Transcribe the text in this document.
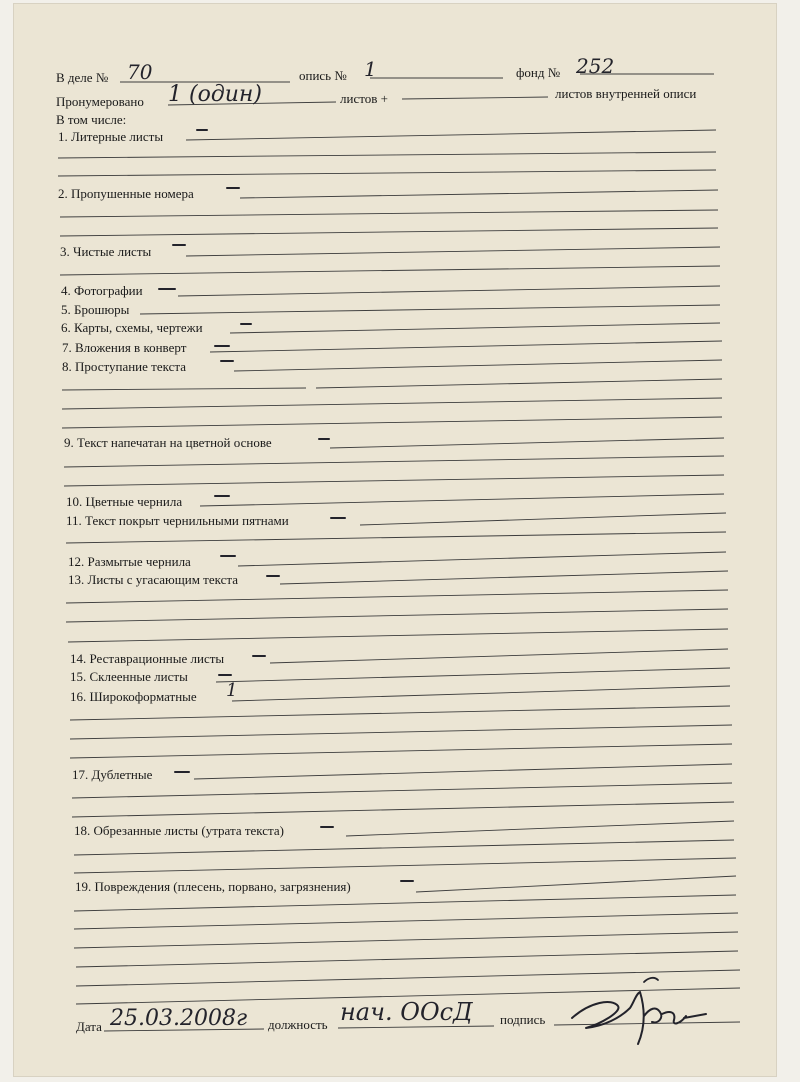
В деле № 70	опись № 1	фонд № 252
Пронумеровано 1 (один)	листов +	листов внутренней описи
В том числе:
1. Литерные листы
2. Пропушенные номера
3. Чистые листы
4. Фотографии
5. Брошюры
6. Карты, схемы, чертежи
7. Вложения в конверт
8. Проступание текста
9. Текст напечатан на цветной основе
10. Цветные чернила
11. Текст покрыт чернильными пятнами
12. Размытые чернила
13. Листы с угасающим текста
14. Реставрационные листы
15. Склеенные листы
16. Широкоформатные 1
17. Дублетные
18. Обрезанные листы (утрата текста)
19. Повреждения (плесень, порвано, загрязнения)
Дата 25.03.2008г должность нач. ООсД подпись
